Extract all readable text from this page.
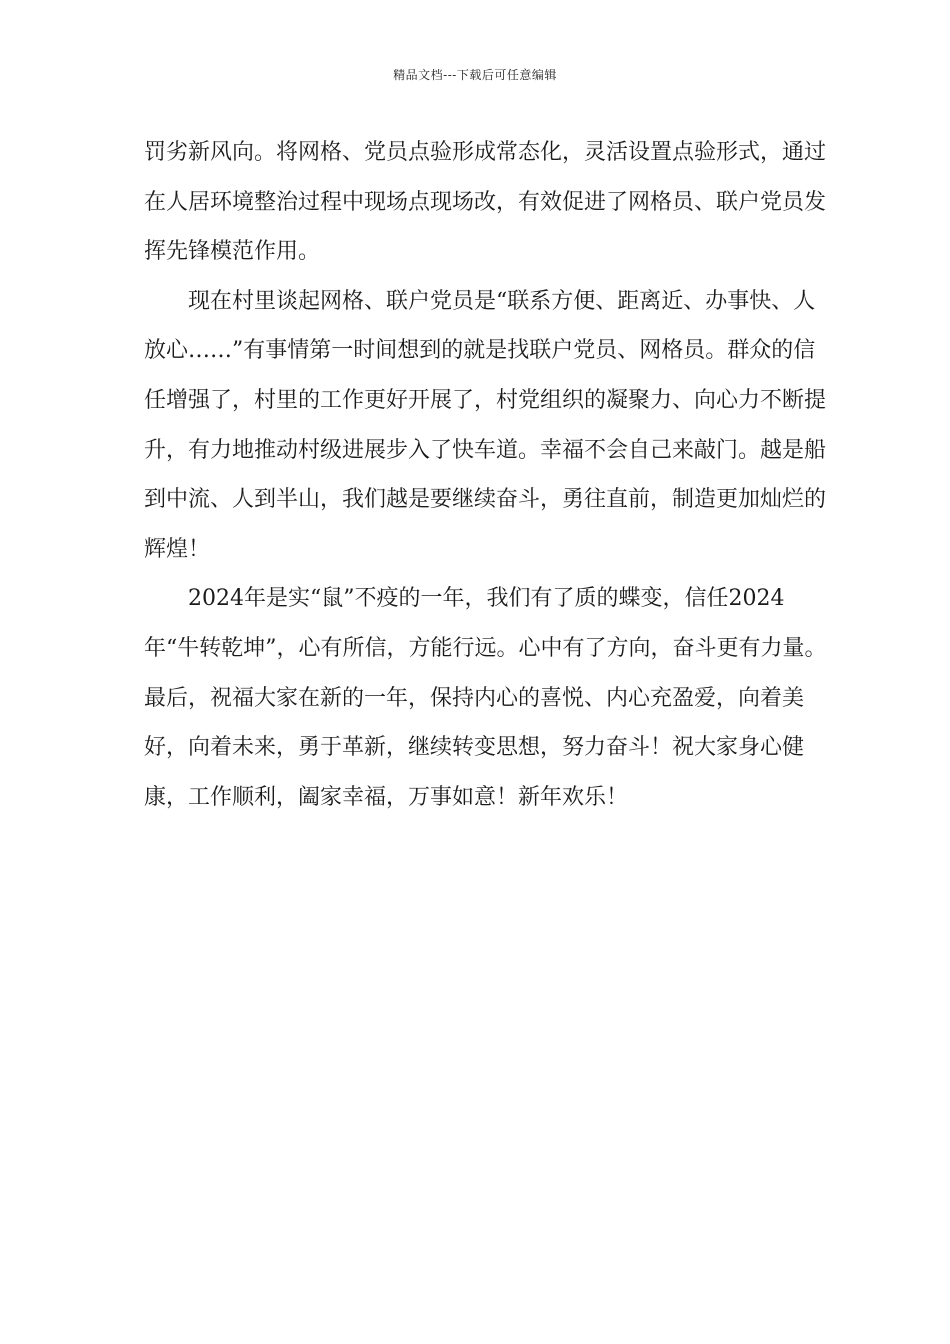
精品文档---下载后可任意编辑

罚劣新风向。将网格、党员点验形成常态化，灵活设置点验形式，通过在人居环境整治过程中现场点现场改，有效促进了网格员、联户党员发挥先锋模范作用。

现在村里谈起网格、联户党员是“联系方便、距离近、办事快、人放心……”有事情第一时间想到的就是找联户党员、网格员。群众的信任增强了，村里的工作更好开展了，村党组织的凝聚力、向心力不断提升，有力地推动村级进展步入了快车道。幸福不会自己来敲门。越是船到中流、人到半山，我们越是要继续奋斗，勇往直前，制造更加灿烂的辉煌！

2024年是实“鼠”不疫的一年，我们有了质的蝶变，信任2024年“牛转乾坤”，心有所信，方能行远。心中有了方向，奋斗更有力量。最后，祝福大家在新的一年，保持内心的喜悦、内心充盈爱，向着美好，向着未来，勇于革新，继续转变思想，努力奋斗！祝大家身心健康，工作顺利，阖家幸福，万事如意！新年欢乐！
